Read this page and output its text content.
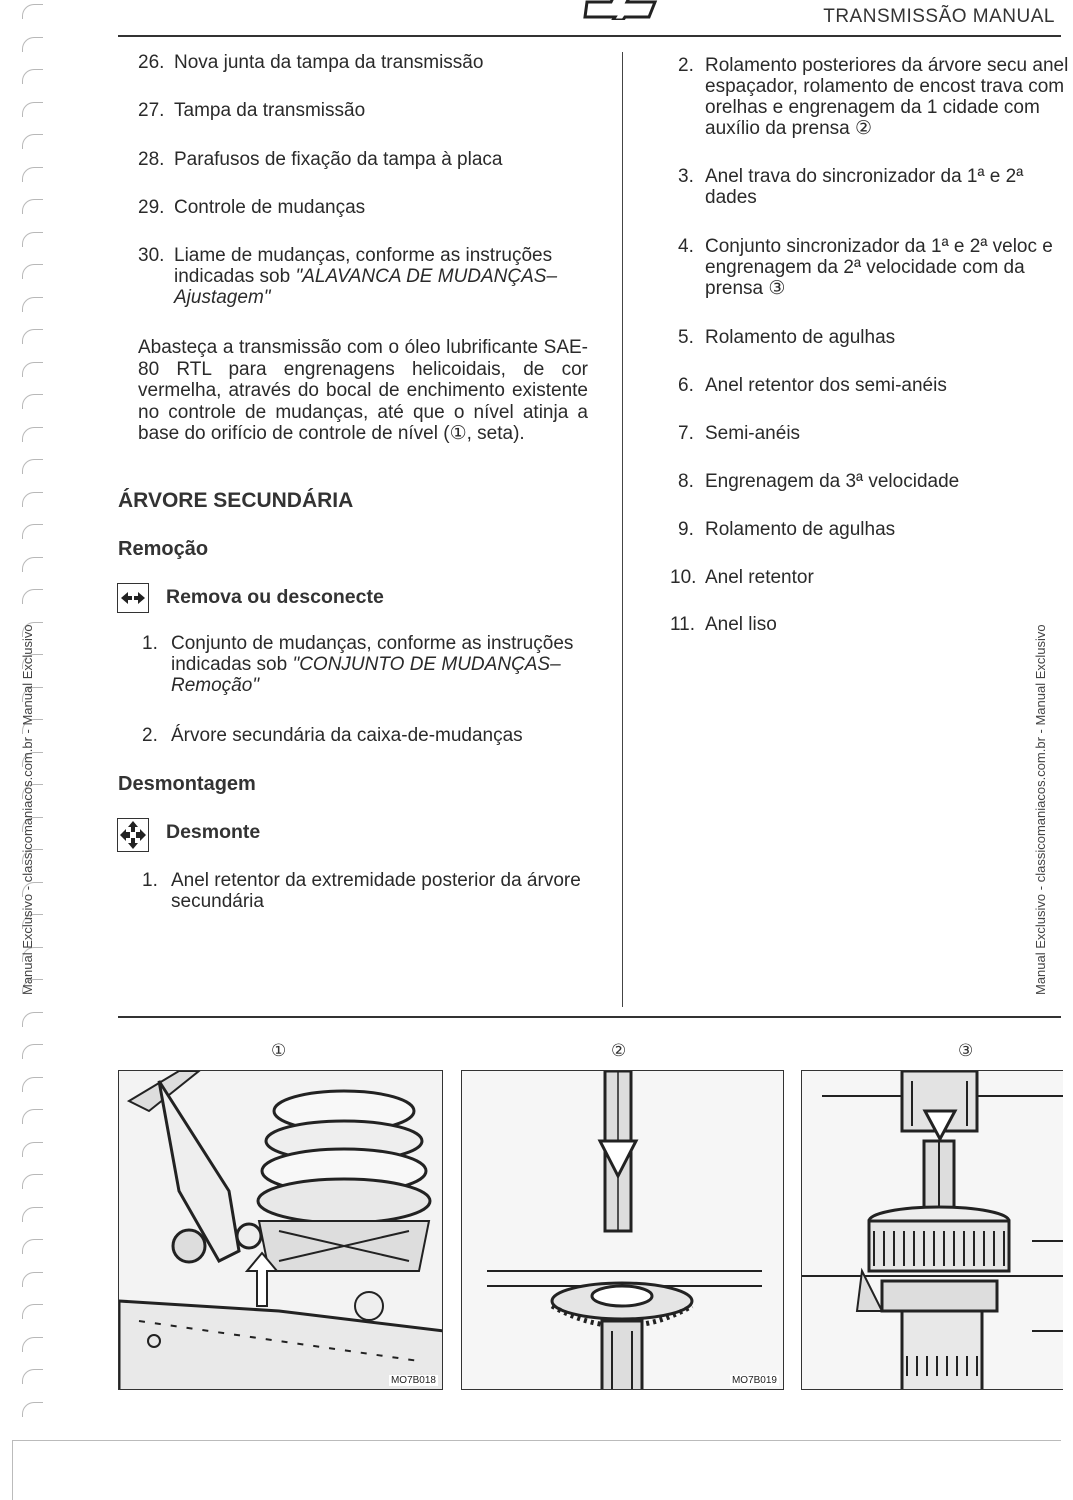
TRANSMISSÃO MANUAL
26. Nova junta da tampa da transmissão
27. Tampa da transmissão
28. Parafusos de fixação da tampa à placa
29. Controle de mudanças
30. Liame de mudanças, conforme as instruções indicadas sob "ALAVANCA DE MUDANÇAS–Ajustagem"
Abasteça a transmissão com o óleo lubrificante SAE-80 RTL para engrenagens helicoidais, de cor vermelha, através do bocal de enchimento existente no controle de mudanças, até que o nível atinja a base do orifício de controle de nível (①, seta).
ÁRVORE SECUNDÁRIA
Remoção
Remova ou desconecte
1. Conjunto de mudanças, conforme as instruções indicadas sob "CONJUNTO DE MUDANÇAS–Remoção"
2. Árvore secundária da caixa-de-mudanças
Desmontagem
Desmonte
1. Anel retentor da extremidade posterior da árvore secundária
2. Rolamento posteriores da árvore secu anel espaçador, rolamento de encost trava com orelhas e engrenagem da 1 cidade com auxílio da prensa ②
3. Anel trava do sincronizador da 1ª e 2ª dades
4. Conjunto sincronizador da 1ª e 2ª veloc e engrenagem da 2ª velocidade com da prensa ③
5. Rolamento de agulhas
6. Anel retentor dos semi-anéis
7. Semi-anéis
8. Engrenagem da 3ª velocidade
9. Rolamento de agulhas
10. Anel retentor
11. Anel liso
Manual Exclusivo - classicomaniacos.com.br - Manual Exclusivo	Manual Exclusivo - classicomaniacos.com.br - Manual Exclusivo
①	②	③
MO7B018	MO7B019
